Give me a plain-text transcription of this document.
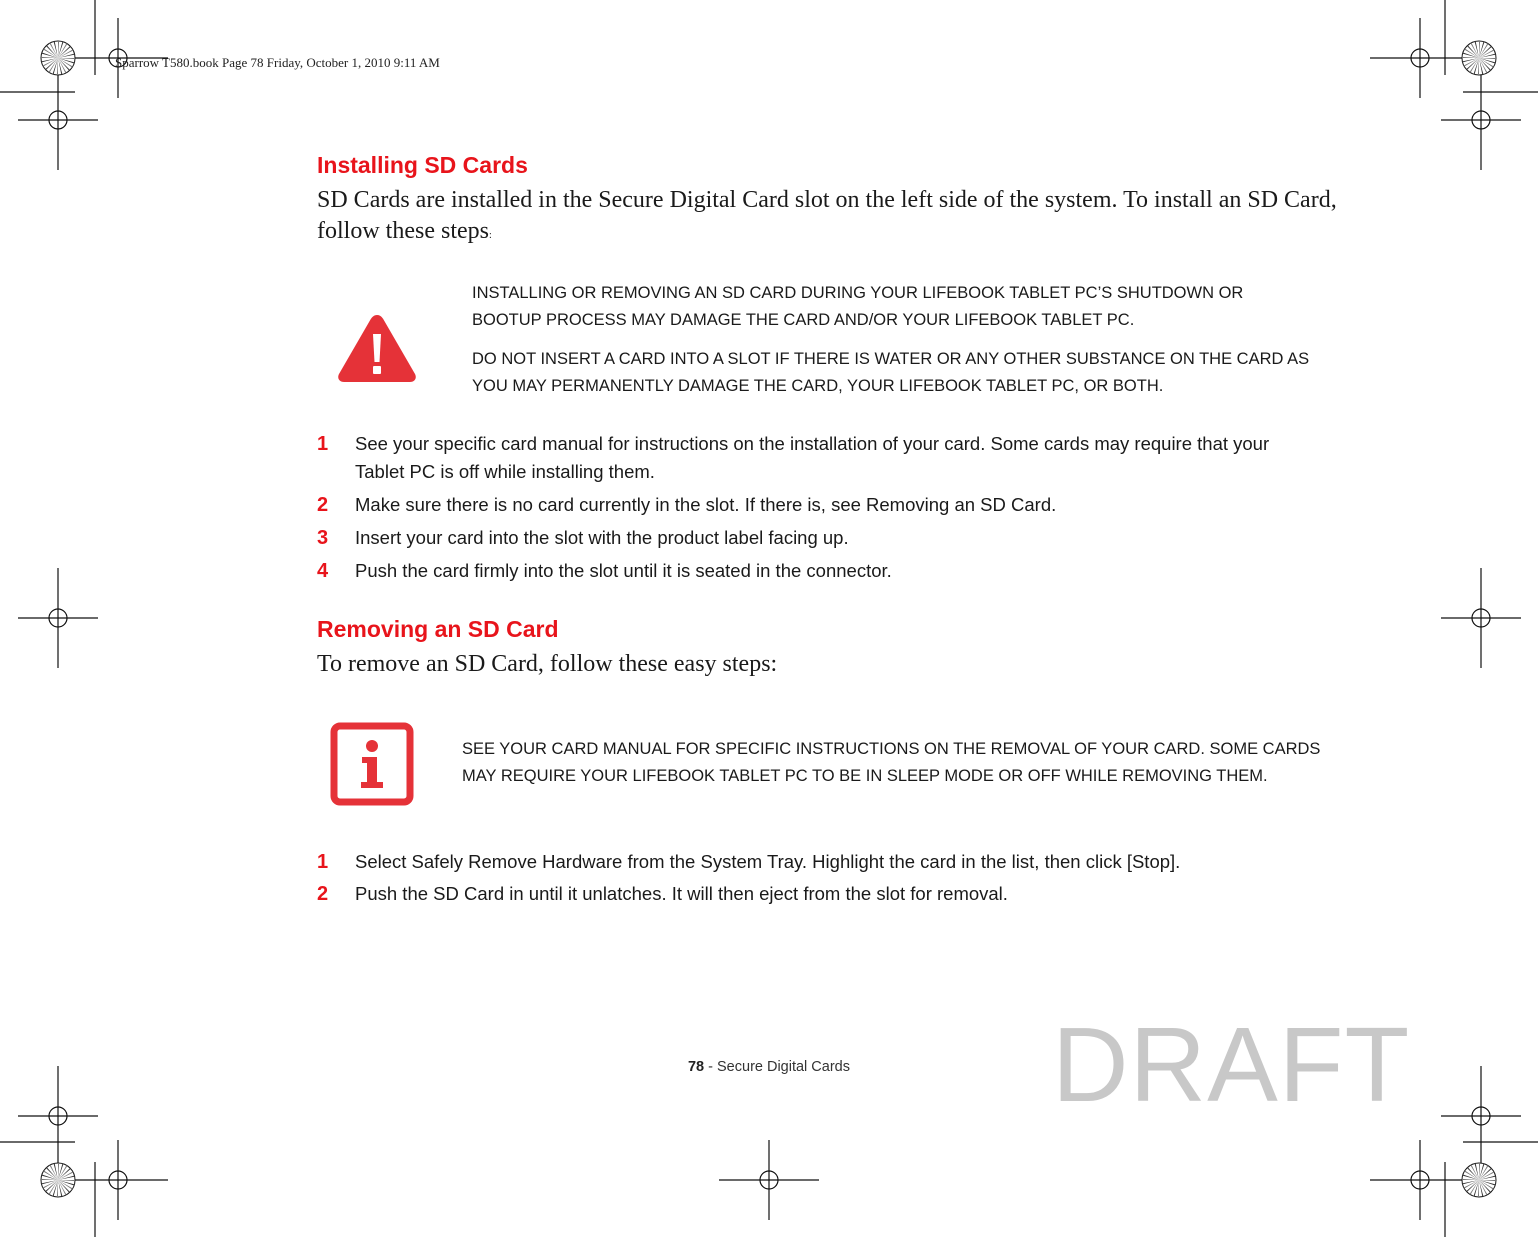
Sparrow T580.book Page 78 Friday, October 1, 2010 9:11 AM
Installing SD Cards
SD Cards are installed in the Secure Digital Card slot on the left side of the system. To install an SD Card,
follow these steps:
INSTALLING OR REMOVING AN SD CARD DURING YOUR LIFEBOOK TABLET PC’S SHUTDOWN OR
BOOTUP PROCESS MAY DAMAGE THE CARD AND/OR YOUR LIFEBOOK TABLET PC.
DO NOT INSERT A CARD INTO A SLOT IF THERE IS WATER OR ANY OTHER SUBSTANCE ON THE CARD AS
YOU MAY PERMANENTLY DAMAGE THE CARD, YOUR LIFEBOOK TABLET PC, OR BOTH.
1	See your specific card manual for instructions on the installation of your card. Some cards may require that your
Tablet PC is off while installing them.
2	Make sure there is no card currently in the slot. If there is, see Removing an SD Card.
3	Insert your card into the slot with the product label facing up.
4	Push the card firmly into the slot until it is seated in the connector.
Removing an SD Card
To remove an SD Card, follow these easy steps:
SEE YOUR CARD MANUAL FOR SPECIFIC INSTRUCTIONS ON THE REMOVAL OF YOUR CARD. SOME CARDS
MAY REQUIRE YOUR LIFEBOOK TABLET PC TO BE IN SLEEP MODE OR OFF WHILE REMOVING THEM.
1	Select Safely Remove Hardware from the System Tray. Highlight the card in the list, then click [Stop].
2	Push the SD Card in until it unlatches. It will then eject from the slot for removal.
78 - Secure Digital Cards	DRAFT
